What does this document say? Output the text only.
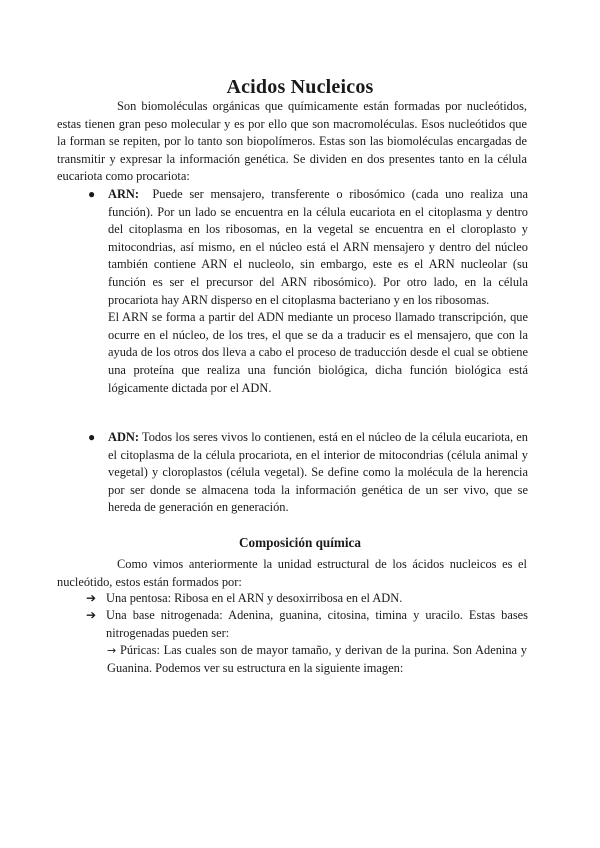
Acidos Nucleicos

Son biomoléculas orgánicas que químicamente están formadas por nucleótidos, estas tienen gran peso molecular y es por ello que son macromoléculas. Esos nucleótidos que la forman se repiten, por lo tanto son biopolímeros. Estas son las biomoléculas encargadas de transmitir y expresar la información genética. Se dividen en dos presentes tanto en la célula eucariota como procariota:

● ARN: Puede ser mensajero, transferente o ribosómico (cada uno realiza una función). Por un lado se encuentra en la célula eucariota en el citoplasma y dentro del citoplasma en los ribosomas, en la vegetal se encuentra en el cloroplasto y mitocondrias, así mismo, en el núcleo está el ARN mensajero y dentro del núcleo también contiene ARN el nucleolo, sin embargo, este es el ARN nucleolar (su función es ser el precursor del ARN ribosómico). Por otro lado, en la célula procariota hay ARN disperso en el citoplasma bacteriano y en los ribosomas.

El ARN se forma a partir del ADN mediante un proceso llamado transcripción, que ocurre en el núcleo, de los tres, el que se da a traducir es el mensajero, que con la ayuda de los otros dos lleva a cabo el proceso de traducción desde el cual se obtiene una proteína que realiza una función biológica, dicha función biológica está lógicamente dictada por el ADN.

● ADN: Todos los seres vivos lo contienen, está en el núcleo de la célula eucariota, en el citoplasma de la célula procariota, en el interior de mitocondrias (célula animal y vegetal) y cloroplastos (célula vegetal). Se define como la molécula de la herencia por ser donde se almacena toda la información genética de un ser vivo, que se hereda de generación en generación.

Composición química

Como vimos anteriormente la unidad estructural de los ácidos nucleicos es el nucleótido, estos están formados por:

➔ Una pentosa: Ribosa en el ARN y desoxirribosa en el ADN.
➔ Una base nitrogenada: Adenina, guanina, citosina, timina y uracilo. Estas bases nitrogenadas pueden ser:
→ Púricas: Las cuales son de mayor tamaño, y derivan de la purina. Son Adenina y Guanina. Podemos ver su estructura en la siguiente imagen:
